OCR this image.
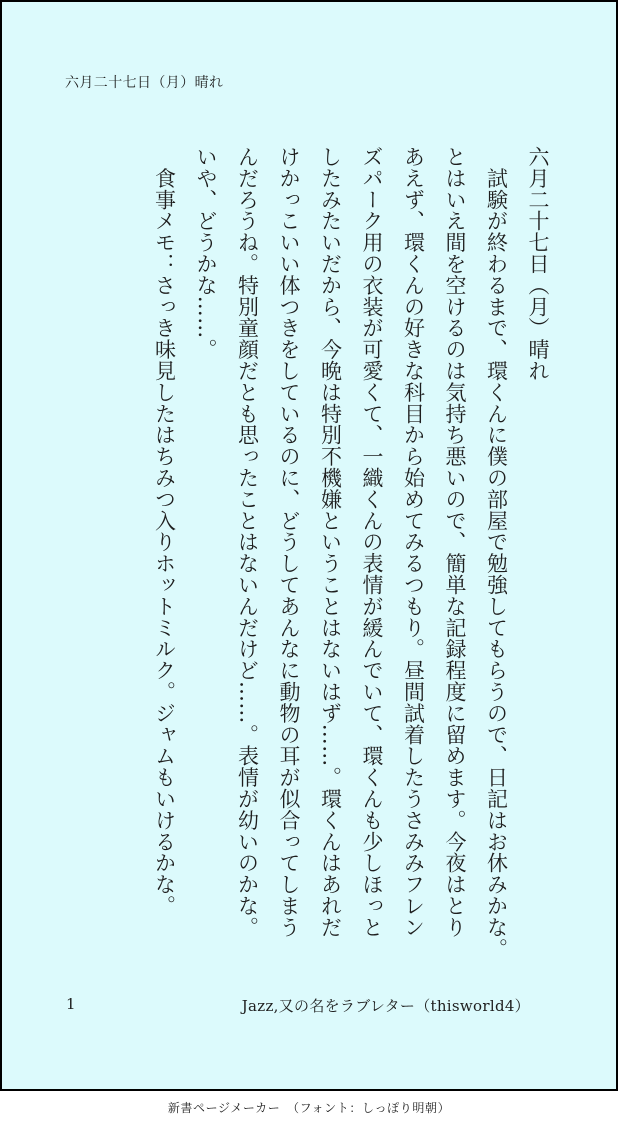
六月二十七日（月）晴れ
六月二十七日（月）晴れ
　試験が終わるまで、環くんに僕の部屋で勉強してもらうので、日記はお休みかな。
とはいえ間を空けるのは気持ち悪いので、簡単な記録程度に留めます。今夜はとり
あえず、環くんの好きな科目から始めてみるつもり。昼間試着したうさみみフレン
ズパーク用の衣装が可愛くて、一織くんの表情が緩んでいて、環くんも少しほっと
したみたいだから、今晩は特別不機嫌ということはないはず……。環くんはあれだ
けかっこいい体つきをしているのに、どうしてあんなに動物の耳が似合ってしまう
んだろうね。特別童顔だとも思ったことはないんだけど……。表情が幼いのかな。
いや、どうかな……。
　食事メモ：さっき味見したはちみつ入りホットミルク。ジャムもいけるかな。
1	Jazz,又の名をラブレター（thisworld4）
新書ページメーカー　（フォント：しっぽり明朝）
